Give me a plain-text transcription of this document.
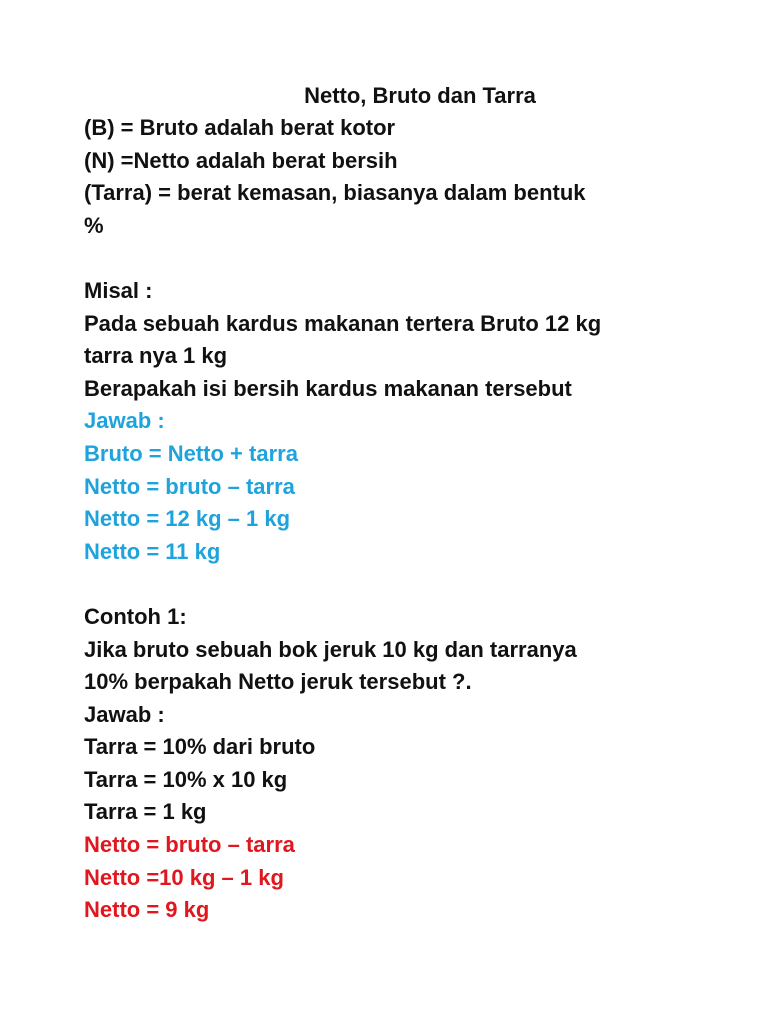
Netto, Bruto dan Tarra
(B) = Bruto adalah berat kotor
(N) =Netto adalah berat bersih
(Tarra) = berat kemasan, biasanya dalam bentuk
%
Misal :
Pada sebuah kardus makanan tertera Bruto 12 kg
tarra nya 1 kg
Berapakah isi bersih kardus makanan tersebut
Jawab :
Bruto = Netto + tarra
Netto = bruto – tarra
Netto = 12 kg – 1 kg
Netto = 11 kg
Contoh 1:
Jika bruto sebuah bok jeruk 10 kg dan tarranya
10% berpakah Netto jeruk tersebut ?.
Jawab :
Tarra = 10% dari bruto
Tarra = 10% x 10 kg
Tarra = 1 kg
Netto = bruto – tarra
Netto =10 kg – 1 kg
Netto = 9 kg
